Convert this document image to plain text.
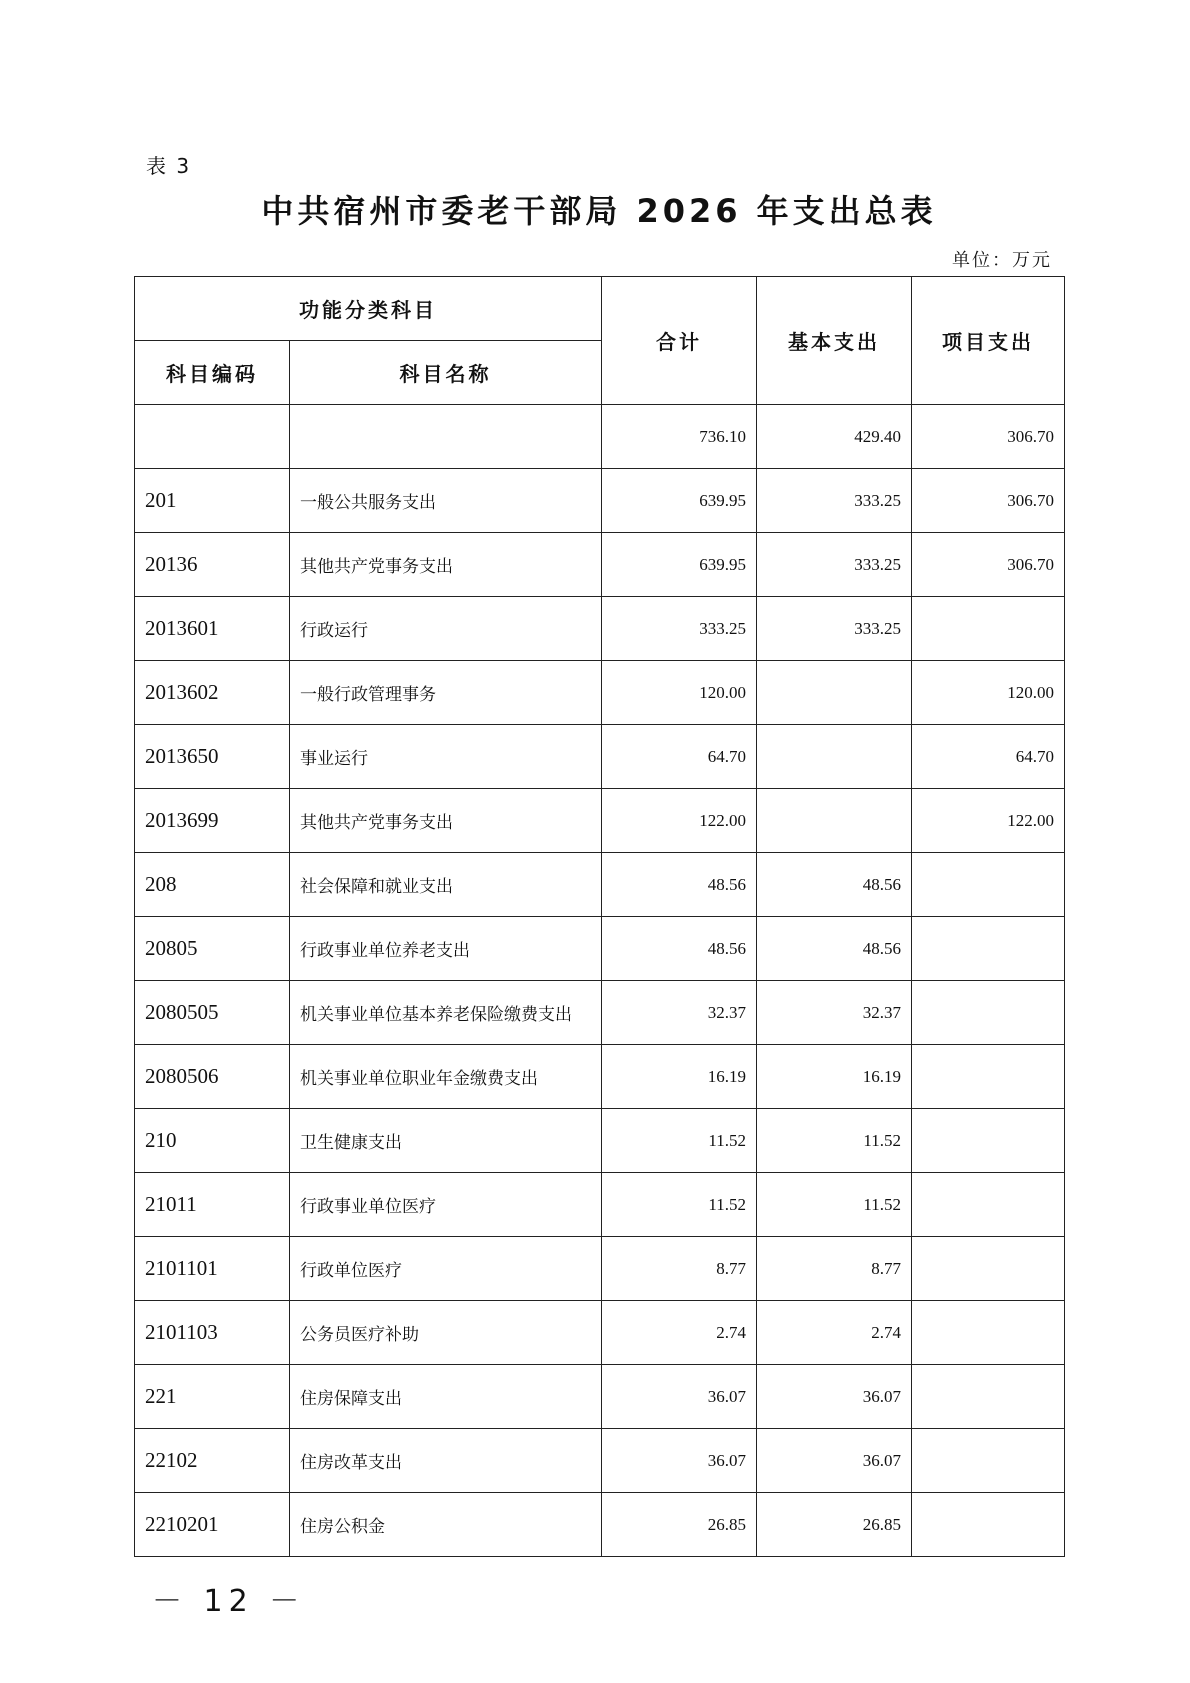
表 3
中共宿州市委老干部局 2026 年支出总表
单位：万元
功能分类科目		合计	基本支出	项目支出
科目编码	科目名称			
		736.10	429.40	306.70
201	一般公共服务支出	639.95	333.25	306.70
20136	其他共产党事务支出	639.95	333.25	306.70
2013601	行政运行	333.25	333.25	
2013602	一般行政管理事务	120.00		120.00
2013650	事业运行	64.70		64.70
2013699	其他共产党事务支出	122.00		122.00
208	社会保障和就业支出	48.56	48.56	
20805	行政事业单位养老支出	48.56	48.56	
2080505	机关事业单位基本养老保险缴费支出	32.37	32.37	
2080506	机关事业单位职业年金缴费支出	16.19	16.19	
210	卫生健康支出	11.52	11.52	
21011	行政事业单位医疗	11.52	11.52	
2101101	行政单位医疗	8.77	8.77	
2101103	公务员医疗补助	2.74	2.74	
221	住房保障支出	36.07	36.07	
22102	住房改革支出	36.07	36.07	
2210201	住房公积金	26.85	26.85	
－ 12 －
